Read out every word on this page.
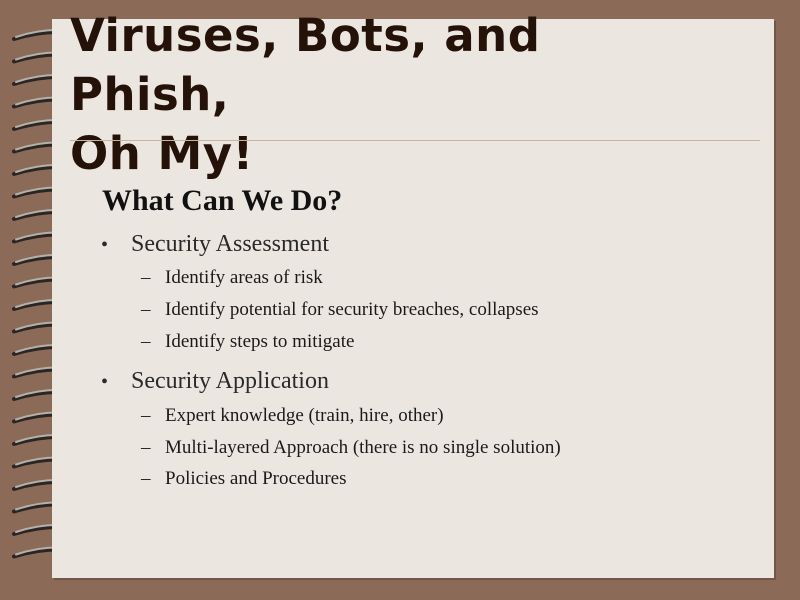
Viruses, Bots, and
Phish,
Oh My!
What Can We Do?

• Security Assessment

– Identify areas of risk

– Identify potential for security breaches, collapses

– Identify steps to mitigate

• Security Application

– Expert knowledge (train, hire, other)

– Multi-layered Approach (there is no single solution)

– Policies and Procedures
